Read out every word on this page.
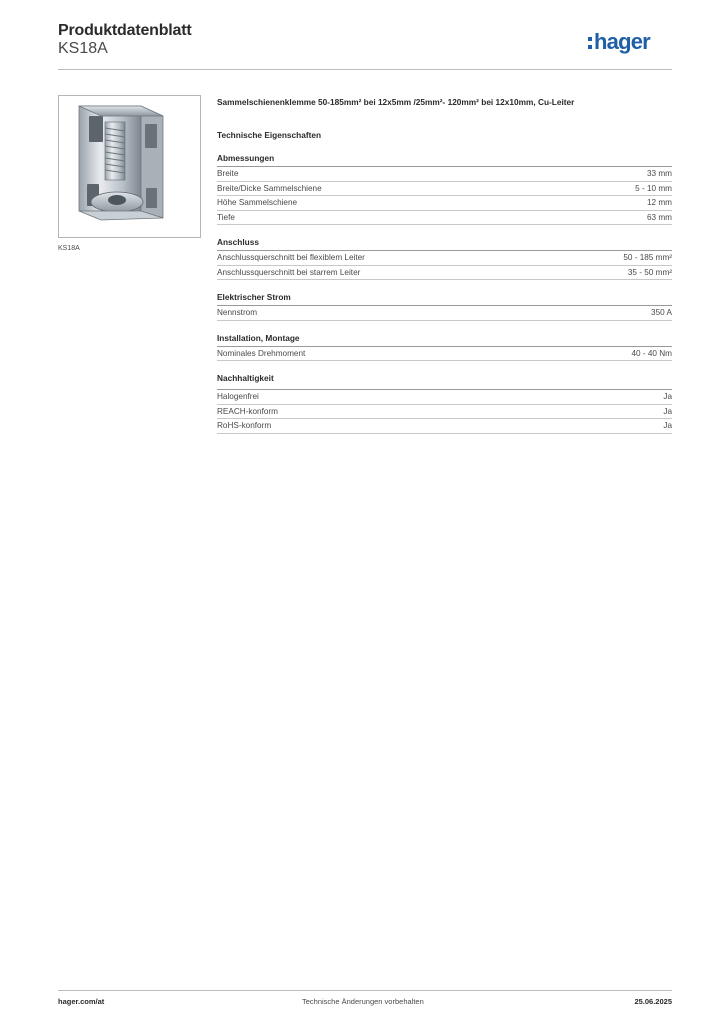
Produktdatenblatt
KS18A	hager
KS18A
Sammelschienenklemme 50-185mm² bei 12x5mm /25mm²- 120mm² bei 12x10mm, Cu-Leiter
Technische Eigenschaften
Abmessungen
Breite	33 mm
Breite/Dicke Sammelschiene	5 - 10 mm
Höhe Sammelschiene	12 mm
Tiefe	63 mm
Anschluss
Anschlussquerschnitt bei flexiblem Leiter	50 - 185 mm²
Anschlussquerschnitt bei starrem Leiter	35 - 50 mm²
Elektrischer Strom
Nennstrom	350 A
Installation, Montage
Nominales Drehmoment	40 - 40 Nm
Nachhaltigkeit
Halogenfrei	Ja
REACH-konform	Ja
RoHS-konform	Ja
hager.com/at	Technische Änderungen vorbehalten	25.06.2025
